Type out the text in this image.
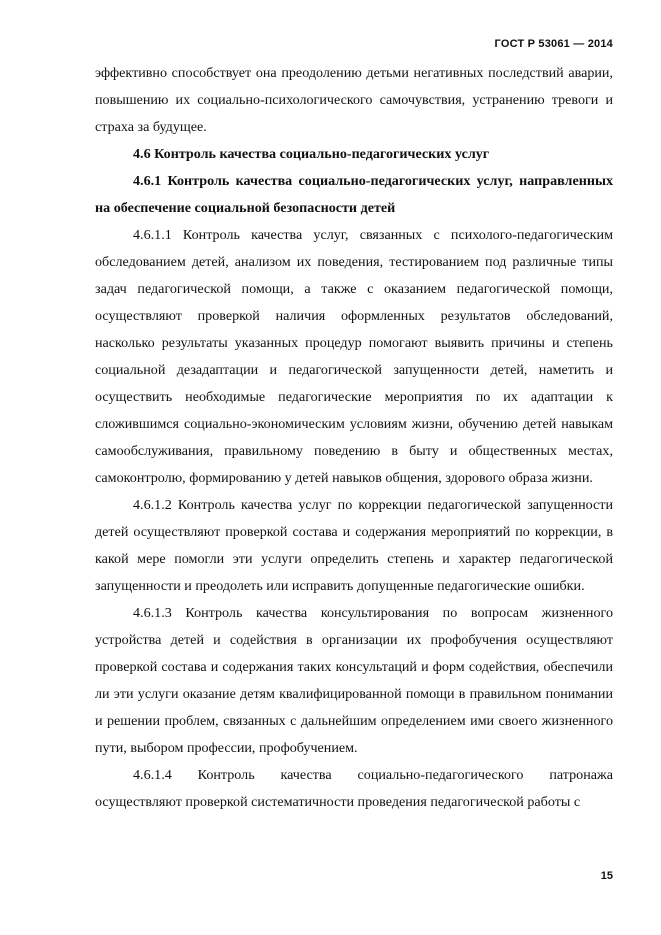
ГОСТ Р 53061 — 2014

эффективно способствует она преодолению детьми негативных последствий аварии, повышению их социально-психологического самочувствия, устранению тревоги и страха за будущее.

4.6 Контроль качества социально-педагогических услуг

4.6.1 Контроль качества социально-педагогических услуг, направленных на обеспечение социальной безопасности детей

4.6.1.1 Контроль качества услуг, связанных с психолого-педагогическим обследованием детей, анализом их поведения, тестированием под различные типы задач педагогической помощи, а также с оказанием педагогической помощи, осуществляют проверкой наличия оформленных результатов обследований, насколько результаты указанных процедур помогают выявить причины и степень социальной дезадаптации и педагогической запущенности детей, наметить и осуществить необходимые педагогические мероприятия по их адаптации к сложившимся социально-экономическим условиям жизни, обучению детей навыкам самообслуживания, правильному поведению в быту и общественных местах, самоконтролю, формированию у детей навыков общения, здорового образа жизни.

4.6.1.2 Контроль качества услуг по коррекции педагогической запущенности детей осуществляют проверкой состава и содержания мероприятий по коррекции, в какой мере помогли эти услуги определить степень и характер педагогической запущенности и преодолеть или исправить допущенные педагогические ошибки.

4.6.1.3 Контроль качества консультирования по вопросам жизненного устройства детей и содействия в организации их профобучения осуществляют проверкой состава и содержания таких консультаций и форм содействия, обеспечили ли эти услуги оказание детям квалифицированной помощи в правильном понимании и решении проблем, связанных с дальнейшим определением ими своего жизненного пути, выбором профессии, профобучением.

4.6.1.4 Контроль качества социально-педагогического патронажа осуществляют проверкой систематичности проведения педагогической работы с

15
